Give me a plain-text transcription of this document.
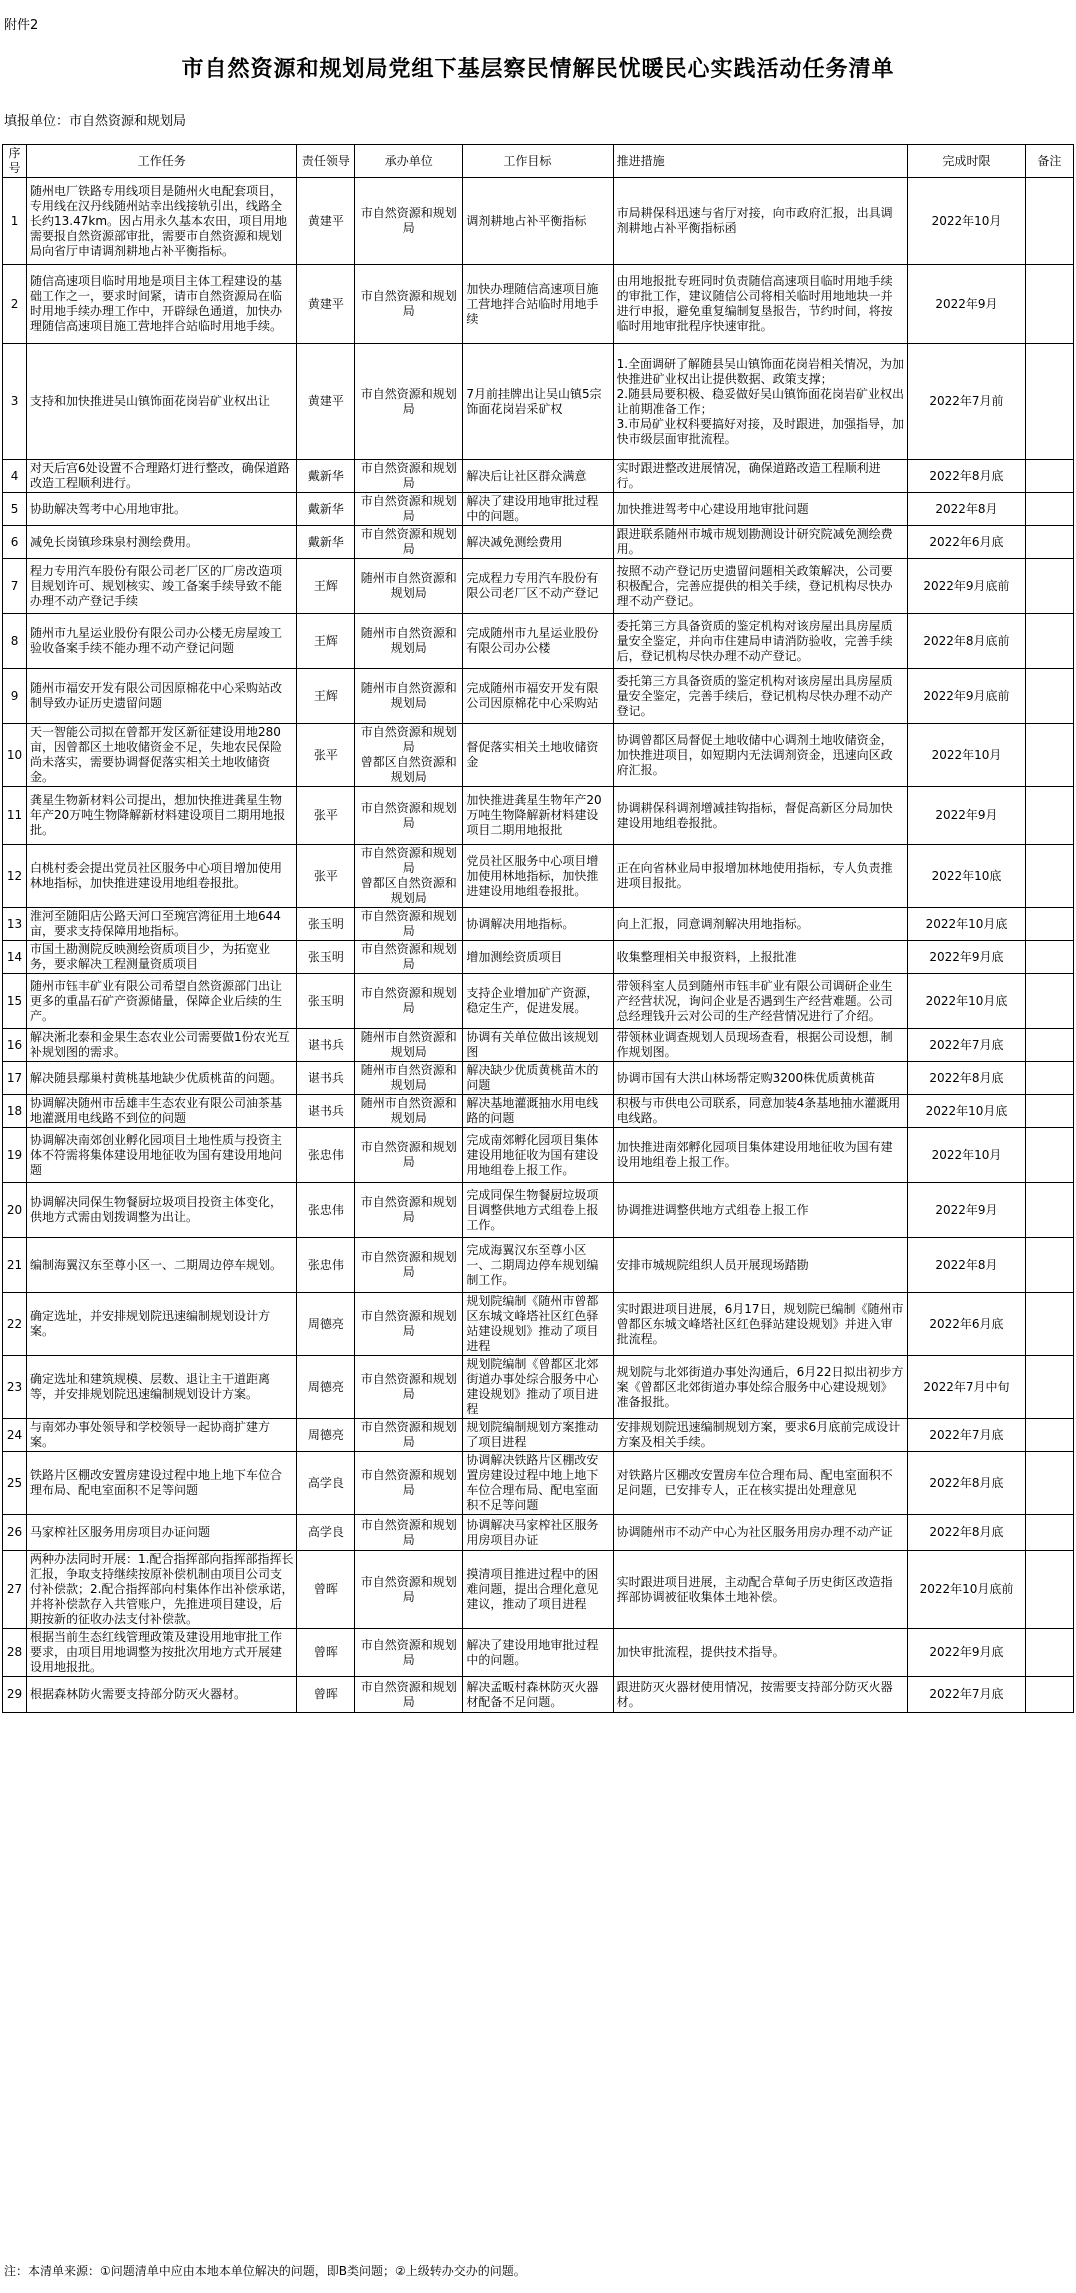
附件2
市自然资源和规划局党组下基层察民情解民忧暖民心实践活动任务清单
填报单位：市自然资源和规划局
序号	工作任务	责任领导	承办单位	工作目标	推进措施	完成时限	备注
1	随州电厂铁路专用线项目是随州火电配套项目，专用线在汉丹线随州站幸出线接轨引出，线路全长约13.47km。因占用永久基本农田，项目用地需要报自然资源部审批，需要市自然资源和规划局向省厅申请调剂耕地占补平衡指标。	黄建平	市自然资源和规划局	调剂耕地占补平衡指标	市局耕保科迅速与省厅对接，向市政府汇报，出具调剂耕地占补平衡指标函	2022年10月	
2	随信高速项目临时用地是项目主体工程建设的基础工作之一，要求时间紧，请市自然资源局在临时用地手续办理工作中，开辟绿色通道，加快办理随信高速项目施工营地拌合站临时用地手续。	黄建平	市自然资源和规划局	加快办理随信高速项目施工营地拌合站临时用地手续	由用地报批专班同时负责随信高速项目临时用地手续的审批工作，建议随信公司将相关临时用地地块一并进行申报，避免重复编制复垦报告，节约时间，将按临时用地审批程序快速审批。	2022年9月	
3	支持和加快推进吴山镇饰面花岗岩矿业权出让	黄建平	市自然资源和规划局	7月前挂牌出让吴山镇5宗饰面花岗岩采矿权	1.全面调研了解随县吴山镇饰面花岗岩相关情况，为加快推进矿业权出让提供数据、政策支撑；
2.随县局要积极、稳妥做好吴山镇饰面花岗岩矿业权出让前期准备工作；
3.市局矿业权科要搞好对接，及时跟进，加强指导，加快市级层面审批流程。	2022年7月前	
4	对天后宫6处设置不合理路灯进行整改，确保道路改造工程顺利进行。	戴新华	市自然资源和规划局	解决后让社区群众满意	实时跟进整改进展情况，确保道路改造工程顺利进行。	2022年8月底	
5	协助解决驾考中心用地审批。	戴新华	市自然资源和规划局	解决了建设用地审批过程中的问题。	加快推进驾考中心建设用地审批问题	2022年8月	
6	减免长岗镇珍珠泉村测绘费用。	戴新华	市自然资源和规划局	解决减免测绘费用	跟进联系随州市城市规划勘测设计研究院减免测绘费用。	2022年6月底	
7	程力专用汽车股份有限公司老厂区的厂房改造项目规划许可、规划核实、竣工备案手续导致不能办理不动产登记手续	王辉	随州市自然资源和规划局	完成程力专用汽车股份有限公司老厂区不动产登记	按照不动产登记历史遗留问题相关政策解决，公司要积极配合，完善应提供的相关手续，登记机构尽快办理不动产登记。	2022年9月底前	
8	随州市九星运业股份有限公司办公楼无房屋竣工验收备案手续不能办理不动产登记问题	王辉	随州市自然资源和规划局	完成随州市九星运业股份有限公司办公楼	委托第三方具备资质的鉴定机构对该房屋出具房屋质量安全鉴定，并向市住建局申请消防验收，完善手续后，登记机构尽快办理不动产登记。	2022年8月底前	
9	随州市福安开发有限公司因原棉花中心采购站改制导致办证历史遗留问题	王辉	随州市自然资源和规划局	完成随州市福安开发有限公司因原棉花中心采购站	委托第三方具备资质的鉴定机构对该房屋出具房屋质量安全鉴定，完善手续后，登记机构尽快办理不动产登记。	2022年9月底前	
10	天一智能公司拟在曾都开发区新征建设用地280亩，因曾都区土地收储资金不足，失地农民保险尚未落实，需要协调督促落实相关土地收储资金。	张平	市自然资源和规划局
曾都区自然资源和规划局	督促落实相关土地收储资金	协调曾都区局督促土地收储中心调剂土地收储资金，加快推进项目，如短期内无法调剂资金，迅速向区政府汇报。	2022年10月	
11	龚星生物新材料公司提出，想加快推进龚星生物年产20万吨生物降解新材料建设项目二期用地报批。	张平	市自然资源和规划局	加快推进龚星生物年产20万吨生物降解新材料建设项目二期用地报批	协调耕保科调剂增减挂钩指标，督促高新区分局加快建设用地组卷报批。	2022年9月	
12	白桃村委会提出党员社区服务中心项目增加使用林地指标，加快推进建设用地组卷报批。	张平	市自然资源和规划局
曾都区自然资源和规划局	党员社区服务中心项目增加使用林地指标，加快推进建设用地组卷报批。	正在向省林业局申报增加林地使用指标，专人负责推进项目报批。	2022年10底	
13	淮河至随阳店公路天河口至琬宫湾征用土地644亩，要求支持保障用地指标。	张玉明	市自然资源和规划局	协调解决用地指标。	向上汇报，同意调剂解决用地指标。	2022年10月底	
14	市国土勘测院反映测绘资质项目少，为拓宽业务，要求解决工程测量资质项目	张玉明	市自然资源和规划局	增加测绘资质项目	收集整理相关申报资料，上报批准	2022年9月底	
15	随州市钰丰矿业有限公司希望自然资源部门出让更多的重晶石矿产资源储量，保障企业后续的生产。	张玉明	市自然资源和规划局	支持企业增加矿产资源，稳定生产，促进发展。	带领科室人员到随州市钰丰矿业有限公司调研企业生产经营状况，询问企业是否遇到生产经营难题。公司总经理钱升云对公司的生产经营情况进行了介绍。	2022年10月底	
16	解决淅北泰和金果生态农业公司需要做1份农光互补规划图的需求。	谌书兵	随州市自然资源和规划局	协调有关单位做出该规划图	带领林业调查规划人员现场查看，根据公司设想，制作规划图。	2022年7月底	
17	解决随县鄢巢村黄桃基地缺少优质桃苗的问题。	谌书兵	随州市自然资源和规划局	解决缺少优质黄桃苗木的问题	协调市国有大洪山林场帮定购3200株优质黄桃苗	2022年8月底	
18	协调解决随州市岳雄丰生态农业有限公司油茶基地灌溉用电线路不到位的问题	谌书兵	随州市自然资源和规划局	解决基地灌溉抽水用电线路的问题	积极与市供电公司联系，同意加装4条基地抽水灌溉用电线路。	2022年10月底	
19	协调解决南郊创业孵化园项目土地性质与投资主体不符需将集体建设用地征收为国有建设用地问题	张忠伟	市自然资源和规划局	完成南郊孵化园项目集体建设用地征收为国有建设用地组卷上报工作。	加快推进南郊孵化园项目集体建设用地征收为国有建设用地组卷上报工作。	2022年10月	
20	协调解决同保生物餐厨垃圾项目投资主体变化，供地方式需由划拨调整为出让。	张忠伟	市自然资源和规划局	完成同保生物餐厨垃圾项目调整供地方式组卷上报工作。	协调推进调整供地方式组卷上报工作	2022年9月	
21	编制海翼汉东至尊小区一、二期周边停车规划。	张忠伟	市自然资源和规划局	完成海翼汉东至尊小区一、二期周边停车规划编制工作。	安排市城规院组织人员开展现场踏勘	2022年8月	
22	确定选址，并安排规划院迅速编制规划设计方案。	周德亮	市自然资源和规划局	规划院编制《随州市曾都区东城文峰塔社区红色驿站建设规划》推动了项目进程	实时跟进项目进展，6月17日，规划院已编制《随州市曾都区东城文峰塔社区红色驿站建设规划》并进入审批流程。	2022年6月底	
23	确定选址和建筑规模、层数、退让主干道距离等，并安排规划院迅速编制规划设计方案。	周德亮	市自然资源和规划局	规划院编制《曾都区北郊街道办事处综合服务中心建设规划》推动了项目进程	规划院与北郊街道办事处沟通后，6月22日拟出初步方案《曾都区北郊街道办事处综合服务中心建设规划》准备报批。	2022年7月中旬	
24	与南郊办事处领导和学校领导一起协商扩建方案。	周德亮	市自然资源和规划局	规划院编制规划方案推动了项目进程	安排规划院迅速编制规划方案，要求6月底前完成设计方案及相关手续。	2022年7月底	
25	铁路片区棚改安置房建设过程中地上地下车位合理布局、配电室面积不足等问题	高学良	市自然资源和规划局	协调解决铁路片区棚改安置房建设过程中地上地下车位合理布局、配电室面积不足等问题	对铁路片区棚改安置房车位合理布局、配电室面积不足问题，已安排专人，正在核实提出处理意见	2022年8月底	
26	马家榨社区服务用房项目办证问题	高学良	市自然资源和规划局	协调解决马家榨社区服务用房项目办证	协调随州市不动产中心为社区服务用房办理不动产证	2022年8月底	
27	两种办法同时开展：1.配合指挥部向指挥部指挥长汇报，争取支持继续按原补偿机制由项目公司支付补偿款；2.配合指挥部向村集体作出补偿承诺，并将补偿款存入共管账户，先推进项目建设，后期按新的征收办法支付补偿款。	曾晖	市自然资源和规划局	摸清项目推进过程中的困难问题，提出合理化意见建议，推动了项目进程	实时跟进项目进展，主动配合草甸子历史街区改造指挥部协调被征收集体土地补偿。	2022年10月底前	
28	根据当前生态红线管理政策及建设用地审批工作要求，由项目用地调整为按批次用地方式开展建设用地报批。	曾晖	市自然资源和规划局	解决了建设用地审批过程中的问题。	加快审批流程，提供技术指导。	2022年9月底	
29	根据森林防火需要支持部分防灭火器材。	曾晖	市自然资源和规划局	解决孟畈村森林防灭火器材配备不足问题。	跟进防灭火器材使用情况，按需要支持部分防灭火器材。	2022年7月底	
注：本清单来源：①问题清单中应由本地本单位解决的问题，即B类问题；②上级转办交办的问题。
